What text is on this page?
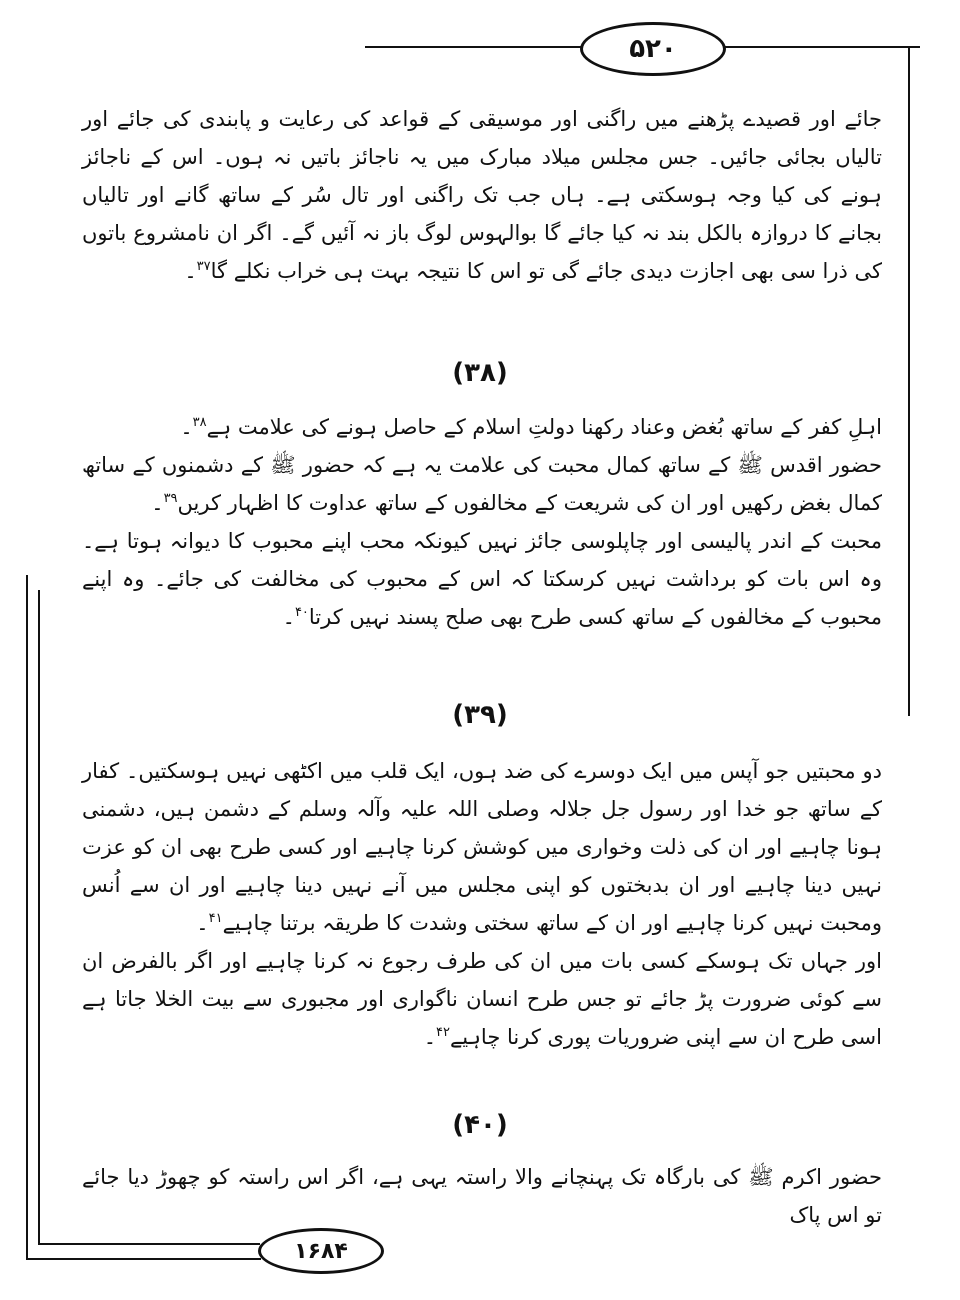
۵۲۰

جائے اور قصیدے پڑھنے میں راگنی اور موسیقی کے قواعد کی رعایت و پابندی کی جائے اور تالیاں بجائی جائیں۔ جس مجلس میلاد مبارک میں یہ ناجائز باتیں نہ ہوں۔ اس کے ناجائز ہونے کی کیا وجہ ہوسکتی ہے۔ ہاں جب تک راگنی اور تال سُر کے ساتھ گانے اور تالیاں بجانے کا دروازہ بالکل بند نہ کیا جائے گا بوالہوس لوگ باز نہ آئیں گے۔ اگر ان نامشروع باتوں کی ذرا سی بھی اجازت دیدی جائے گی تو اس کا نتیجہ بہت ہی خراب نکلے گا$^{۳۷}$۔

(۳۸)

اہلِ کفر کے ساتھ بُغض وعناد رکھنا دولتِ اسلام کے حاصل ہونے کی علامت ہے$^{۳۸}$۔

حضور اقدس ﷺ کے ساتھ کمال محبت کی علامت یہ ہے کہ حضور ﷺ کے دشمنوں کے ساتھ کمال بغض رکھیں اور ان کی شریعت کے مخالفوں کے ساتھ عداوت کا اظہار کریں$^{۳۹}$۔

محبت کے اندر پالیسی اور چاپلوسی جائز نہیں کیونکہ محب اپنے محبوب کا دیوانہ ہوتا ہے۔ وہ اس بات کو برداشت نہیں کرسکتا کہ اس کے محبوب کی مخالفت کی جائے۔ وہ اپنے محبوب کے مخالفوں کے ساتھ کسی طرح بھی صلح پسند نہیں کرتا$^{۴۰}$۔

(۳۹)

دو محبتیں جو آپس میں ایک دوسرے کی ضد ہوں، ایک قلب میں اکٹھی نہیں ہوسکتیں۔ کفار کے ساتھ جو خدا اور رسول جل جلالہ وصلی اللہ علیہ وآلہ وسلم کے دشمن ہیں، دشمنی ہونا چاہیے اور ان کی ذلت وخواری میں کوشش کرنا چاہیے اور کسی طرح بھی ان کو عزت نہیں دینا چاہیے اور ان بدبختوں کو اپنی مجلس میں آنے نہیں دینا چاہیے اور ان سے اُنس ومحبت نہیں کرنا چاہیے اور ان کے ساتھ سختی وشدت کا طریقہ برتنا چاہیے$^{۴۱}$۔

اور جہاں تک ہوسکے کسی بات میں ان کی طرف رجوع نہ کرنا چاہیے اور اگر بالفرض ان سے کوئی ضرورت پڑ جائے تو جس طرح انسان ناگواری اور مجبوری سے بیت الخلا جاتا ہے اسی طرح ان سے اپنی ضروریات پوری کرنا چاہیے$^{۴۲}$۔

(۴۰)

حضور اکرم ﷺ کی بارگاہ تک پہنچانے والا راستہ یہی ہے، اگر اس راستہ کو چھوڑ دیا جائے تو اس پاک

۱۶۸۴
